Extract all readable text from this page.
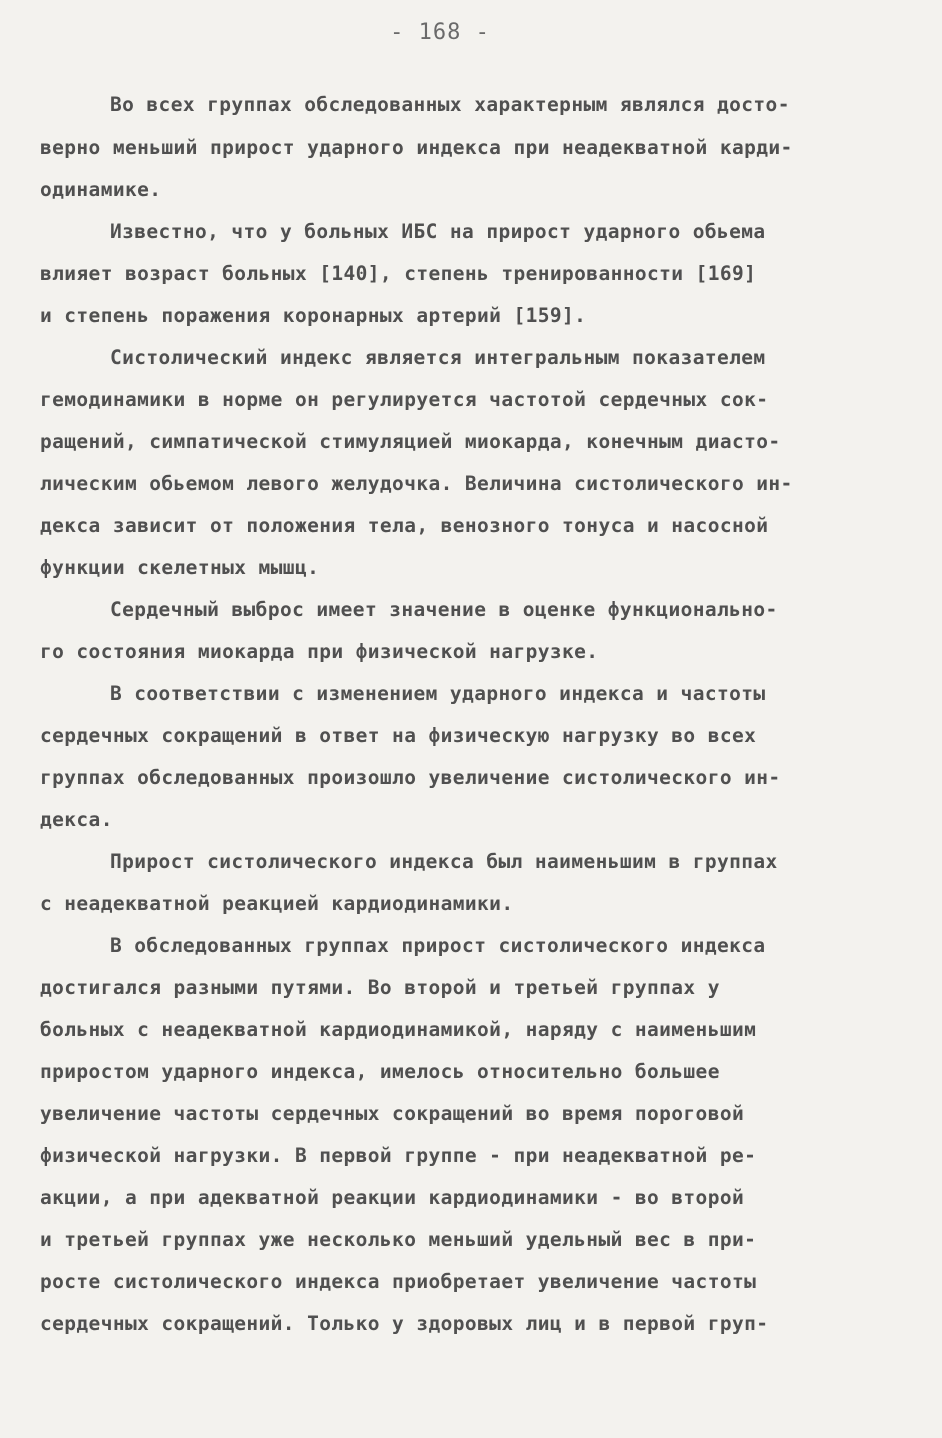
- 168 -
Во всех группах обследованных характерным являлся досто-
верно меньший прирост ударного индекса при неадекватной карди-
одинамике.
Известно, что у больных ИБС на прирост ударного обьема
влияет возраст больных [140], степень тренированности [169]
и степень поражения коронарных артерий [159].
Систолический индекс является интегральным показателем
гемодинамики в норме он регулируется частотой сердечных сок-
ращений, симпатической стимуляцией миокарда, конечным диасто-
лическим обьемом левого желудочка. Величина систолического ин-
декса зависит от положения тела, венозного тонуса и насосной
функции скелетных мышц.
Сердечный выброс имеет значение в оценке функционально-
го состояния миокарда при физической нагрузке.
В соответствии с изменением ударного индекса и частоты
сердечных сокращений в ответ на физическую нагрузку во всех
группах обследованных произошло увеличение систолического ин-
декса.
Прирост систолического индекса был наименьшим в группах
с неадекватной реакцией кардиодинамики.
В обследованных группах прирост систолического индекса
достигался разными путями. Во второй и третьей группах у
больных с неадекватной кардиодинамикой, наряду с наименьшим
приростом ударного индекса, имелось относительно большее
увеличение частоты сердечных сокращений во время пороговой
физической нагрузки. В первой группе - при неадекватной ре-
акции, а при адекватной реакции кардиодинамики - во второй
и третьей группах уже несколько меньший удельный вес в при-
росте систолического индекса приобретает увеличение частоты
сердечных сокращений. Только у здоровых лиц и в первой груп-
